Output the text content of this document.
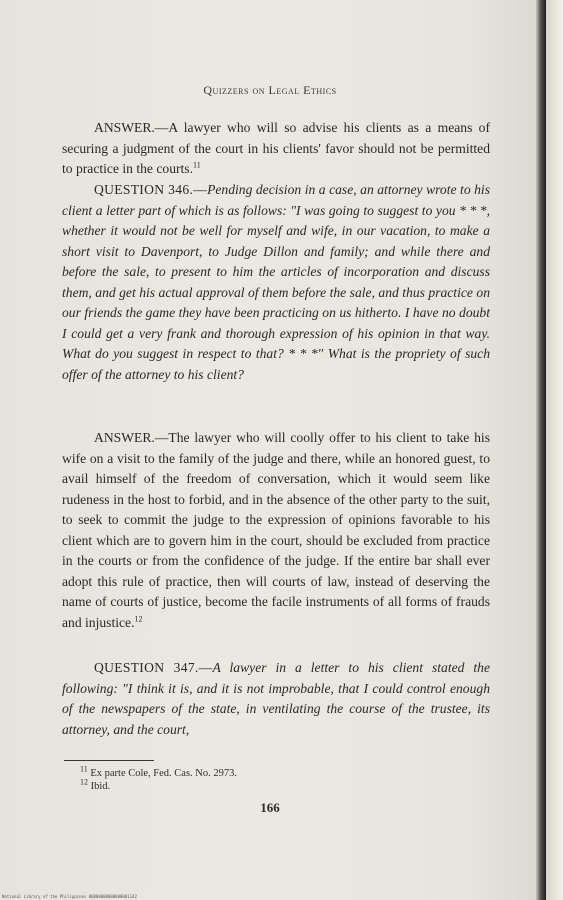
Quizzers on Legal Ethics

ANSWER.—A lawyer who will so advise his clients as a means of securing a judgment of the court in his clients' favor should not be permitted to practice in the courts.$^{11}$

QUESTION 346.—Pending decision in a case, an attorney wrote to his client a letter part of which is as follows: "I was going to suggest to you * * *, whether it would not be well for myself and wife, in our vacation, to make a short visit to Davenport, to Judge Dillon and family; and while there and before the sale, to present to him the articles of incorporation and discuss them, and get his actual approval of them before the sale, and thus practice on our friends the game they have been practicing on us hitherto. I have no doubt I could get a very frank and thorough expression of his opinion in that way. What do you suggest in respect to that? * * *" What is the propriety of such offer of the attorney to his client?

ANSWER.—The lawyer who will coolly offer to his client to take his wife on a visit to the family of the judge and there, while an honored guest, to avail himself of the freedom of conversation, which it would seem like rudeness in the host to forbid, and in the absence of the other party to the suit, to seek to commit the judge to the expression of opinions favorable to his client which are to govern him in the court, should be excluded from practice in the courts or from the confidence of the judge. If the entire bar shall ever adopt this rule of practice, then will courts of law, instead of deserving the name of courts of justice, become the facile instruments of all forms of frauds and injustice.$^{12}$

QUESTION 347.—A lawyer in a letter to his client stated the following: "I think it is, and it is not improbable, that I could control enough of the newspapers of the state, in ventilating the course of the trustee, its attorney, and the court,

$^{11}$ Ex parte Cole, Fed. Cas. No. 2973.
$^{12}$ Ibid.
166
National Library of the Philippines 00000000000000001142
